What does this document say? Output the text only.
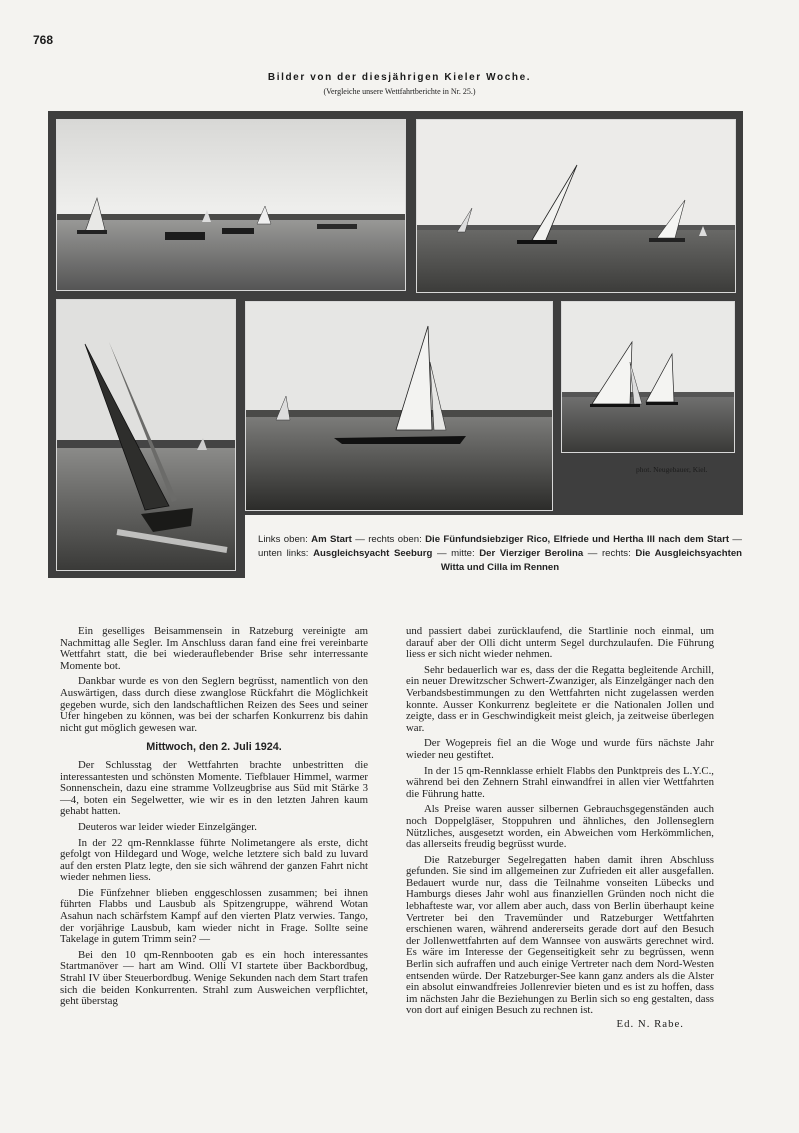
768
Bilder von der diesjährigen Kieler Woche.
(Vergleiche unsere Wettfahrtberichte in Nr. 25.)
phot. Neugebauer, Kiel.
Links oben: Am Start — rechts oben: Die Fünfundsiebziger Rico, Elfriede und Hertha III nach dem Start — unten links: Ausgleichsyacht Seeburg — mitte: Der Vierziger Berolina — rechts: Die Ausgleichsyachten Witta und Cilla im Rennen

Ein geselliges Beisammensein in Ratzeburg vereinigte am Nachmittag alle Segler. Im Anschluss daran fand eine frei vereinbarte Wettfahrt statt, die bei wiederauflebender Brise sehr interressante Momente bot.

Dankbar wurde es von den Seglern begrüsst, namentlich von den Auswärtigen, dass durch diese zwanglose Rückfahrt die Möglichkeit gegeben wurde, sich den landschaftlichen Reizen des Sees und seiner Ufer hingeben zu können, was bei der scharfen Konkurrenz bis dahin nicht gut möglich gewesen war.

Mittwoch, den 2. Juli 1924.

Der Schlusstag der Wettfahrten brachte unbestritten die interessantesten und schönsten Momente. Tiefblauer Himmel, warmer Sonnenschein, dazu eine stramme Vollzeugbrise aus Süd mit Stärke 3—4, boten ein Segelwetter, wie wir es in den letzten Jahren kaum gehabt hatten.

Deuteros war leider wieder Einzelgänger.

In der 22 qm-Rennklasse führte Nolimetangere als erste, dicht gefolgt von Hildegard und Woge, welche letztere sich bald zu luvard auf den ersten Platz legte, den sie sich während der ganzen Fahrt nicht wieder nehmen liess.

Die Fünfzehner blieben enggeschlossen zusammen; bei ihnen führten Flabbs und Lausbub als Spitzengruppe, während Wotan Asahun nach schärfstem Kampf auf den vierten Platz verwies. Tango, der vorjährige Lausbub, kam wieder nicht in Frage. Sollte seine Takelage in gutem Trimm sein? —

Bei den 10 qm-Rennbooten gab es ein hoch interessantes Startmanöver — hart am Wind. Olli VI startete über Backbordbug, Strahl IV über Steuerbordbug. Wenige Sekunden nach dem Start trafen sich die beiden Konkurrenten. Strahl zum Ausweichen verpflichtet, geht überstag

und passiert dabei zurücklaufend, die Startlinie noch einmal, um darauf aber der Olli dicht unterm Segel durchzulaufen. Die Führung liess er sich nicht wieder nehmen.

Sehr bedauerlich war es, dass der die Regatta begleitende Archill, ein neuer Drewitzscher Schwert-Zwanziger, als Einzelgänger nach den Verbandsbestimmungen zu den Wettfahrten nicht zugelassen werden konnte. Ausser Konkurrenz begleitete er die Nationalen Jollen und zeigte, dass er in Geschwindigkeit meist gleich, ja zeitweise überlegen war.

Der Wogepreis fiel an die Woge und wurde fürs nächste Jahr wieder neu gestiftet.

In der 15 qm-Rennklasse erhielt Flabbs den Punktpreis des L.Y.C., während bei den Zehnern Strahl einwandfrei in allen vier Wettfahrten die Führung hatte.

Als Preise waren ausser silbernen Gebrauchsgegenständen auch noch Doppelgläser, Stoppuhren und ähnliches, den Jollenseglern Nützliches, ausgesetzt worden, ein Abweichen vom Herkömmlichen, das allerseits freudig begrüsst wurde.

Die Ratzeburger Segelregatten haben damit ihren Abschluss gefunden. Sie sind im allgemeinen zur Zufrieden eit aller ausgefallen. Bedauert wurde nur, dass die Teilnahme vonseiten Lübecks und Hamburgs dieses Jahr wohl aus finanziellen Gründen noch nicht die lebhafteste war, vor allem aber auch, dass von Berlin überhaupt keine Vertreter bei den Travemünder und Ratzeburger Wettfahrten erschienen waren, während andererseits gerade dort auf den Besuch der Jollenwettfahrten auf dem Wannsee von auswärts gerechnet wird. Es wäre im Interesse der Gegenseitigkeit sehr zu begrüssen, wenn Berlin sich aufraffen und auch einige Vertreter nach dem Nord-Westen entsenden würde. Der Ratzeburger-See kann ganz anders als die Alster ein absolut einwandfreies Jollenrevier bieten und es ist zu hoffen, dass im nächsten Jahr die Beziehungen zu Berlin sich so eng gestalten, dass von dort auf einigen Besuch zu rechnen ist.

Ed. N. Rabe.
